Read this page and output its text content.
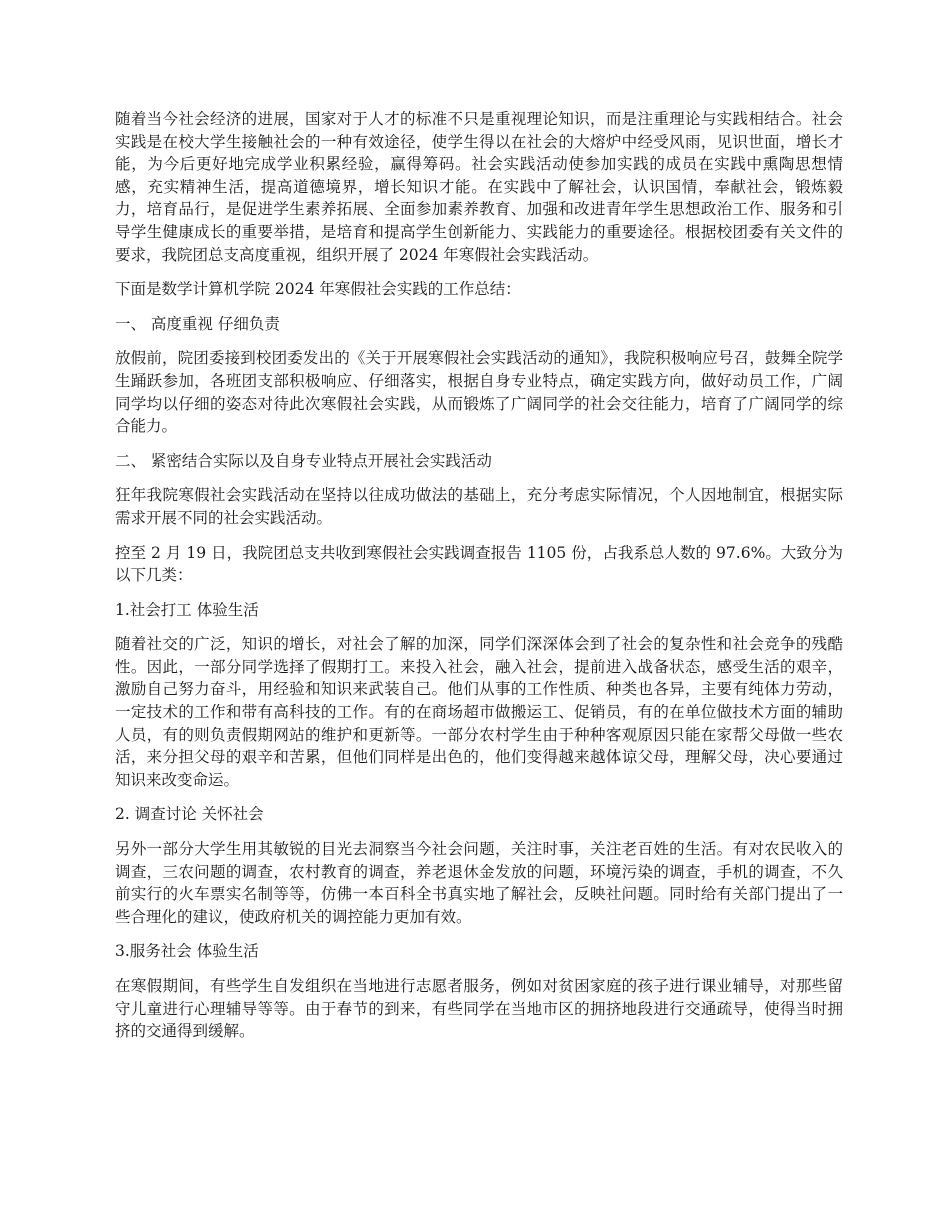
随着当今社会经济的进展，国家对于人才的标准不只是重视理论知识，而是注重理论与实践相结合。社会实践是在校大学生接触社会的一种有效途径，使学生得以在社会的大熔炉中经受风雨，见识世面，增长才能，为今后更好地完成学业积累经验，赢得筹码。社会实践活动使参加实践的成员在实践中熏陶思想情感，充实精神生活，提高道德境界，增长知识才能。在实践中了解社会，认识国情，奉献社会，锻炼毅力，培育品行，是促进学生素养拓展、全面参加素养教育、加强和改进青年学生思想政治工作、服务和引导学生健康成长的重要举措，是培育和提高学生创新能力、实践能力的重要途径。根据校团委有关文件的要求，我院团总支高度重视，组织开展了 2024 年寒假社会实践活动。

下面是数学计算机学院 2024 年寒假社会实践的工作总结：

一、 高度重视 仔细负责

放假前，院团委接到校团委发出的《关于开展寒假社会实践活动的通知》，我院积极响应号召，鼓舞全院学生踊跃参加，各班团支部积极响应、仔细落实，根据自身专业特点，确定实践方向，做好动员工作，广阔同学均以仔细的姿态对待此次寒假社会实践，从而锻炼了广阔同学的社会交往能力，培育了广阔同学的综合能力。

二、 紧密结合实际以及自身专业特点开展社会实践活动

狂年我院寒假社会实践活动在坚持以往成功做法的基础上，充分考虑实际情况，个人因地制宜，根据实际需求开展不同的社会实践活动。

控至 2 月 19 日，我院团总支共收到寒假社会实践调查报告 1105 份，占我系总人数的 97.6%。大致分为以下几类：

1.社会打工 体验生活

随着社交的广泛，知识的增长，对社会了解的加深，同学们深深体会到了社会的复杂性和社会竞争的残酷性。因此，一部分同学选择了假期打工。来投入社会，融入社会，提前进入战备状态，感受生活的艰辛，激励自己努力奋斗，用经验和知识来武装自己。他们从事的工作性质、种类也各异，主要有纯体力劳动，一定技术的工作和带有高科技的工作。有的在商场超市做搬运工、促销员，有的在单位做技术方面的辅助人员，有的则负责假期网站的维护和更新等。一部分农村学生由于种种客观原因只能在家帮父母做一些农活，来分担父母的艰辛和苦累，但他们同样是出色的，他们变得越来越体谅父母，理解父母，决心要通过知识来改变命运。

2. 调查讨论 关怀社会

另外一部分大学生用其敏锐的目光去洞察当今社会问题，关注时事，关注老百姓的生活。有对农民收入的调查，三农问题的调查，农村教育的调查，养老退休金发放的问题，环境污染的调查，手机的调查，不久前实行的火车票实名制等等，仿佛一本百科全书真实地了解社会，反映社问题。同时给有关部门提出了一些合理化的建议，使政府机关的调控能力更加有效。

3.服务社会 体验生活

在寒假期间，有些学生自发组织在当地进行志愿者服务，例如对贫困家庭的孩子进行课业辅导，对那些留守儿童进行心理辅导等等。由于春节的到来，有些同学在当地市区的拥挤地段进行交通疏导，使得当时拥挤的交通得到缓解。
